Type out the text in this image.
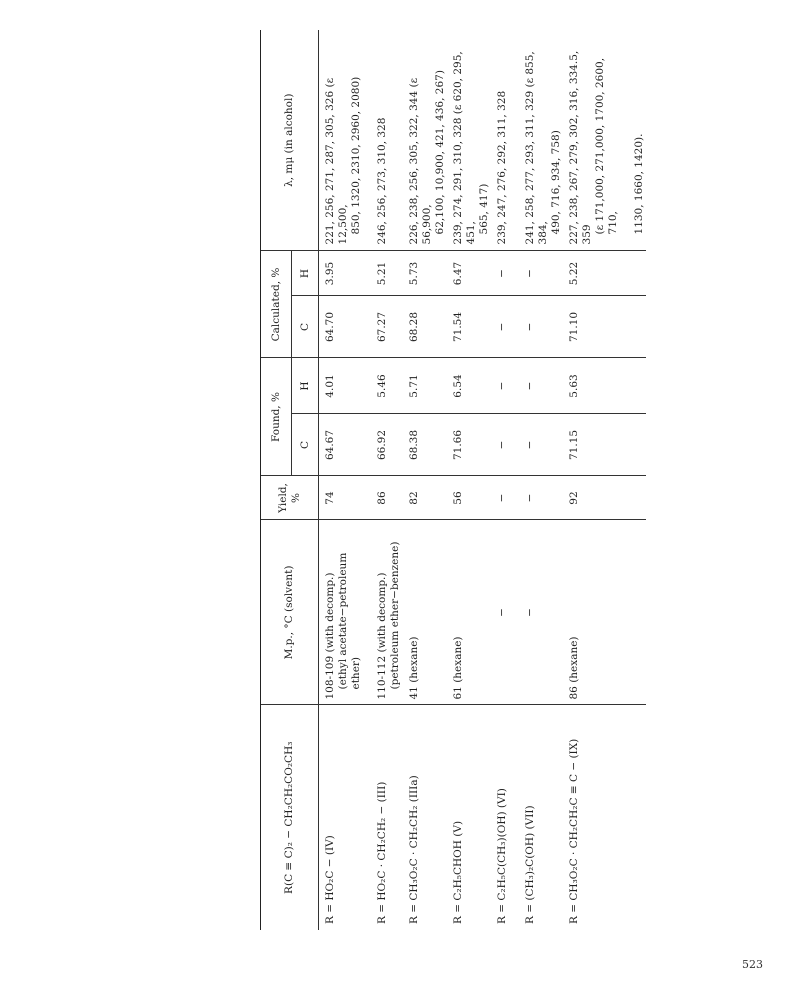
R(C ≡ C)₂ − CH₂CH₂CO₂CH₃	M.p., °C (solvent)	Yield, %	Found, %		Calculated, %		λ, mμ (in alcohol)
			C	H	C	H	
R = HO₂C − (IV)	108-109 (with decomp.) (ethyl acetate−petroleum ether)	74	64.67	4.01	64.70	3.95	221, 256, 271, 287, 305, 326 (ε 12,500, 850, 1320, 2310, 2960, 2080)

R = HO₂C · CH₂CH₂ − (III)	110-112 (with decomp.) (petroleum ether−benzene)	86	66.92	5.46	67.27	5.21	246, 256, 273, 310, 328
R = CH₃O₂C · CH₂CH₂ (IIIa)	41 (hexane)	82	68.38	5.71	68.28	5.73	226, 238, 256, 305, 322, 344 (ε 56,900, 62,100, 10,900, 421, 436, 267)

R = C₂H₅CHOH (V)	61 (hexane)	56	71.66	6.54	71.54	6.47	239, 274, 291, 310, 328 (ε 620, 295, 451, 565, 417)

R = C₂H₅C(CH₃)(OH) (VI)	−	−	−	−	−	−	239, 247, 276, 292, 311, 328
R = (CH₃)₂C(OH) (VII)	−	−	−	−	−	−	241, 258, 277, 293, 311, 329 (ε 855, 384, 490, 716, 934, 758)

R = CH₃O₂C · CH₂CH₂C ≡ C − (IX)	86 (hexane)	92	71.15	5.63	71.10	5.22	227, 238, 267, 279, 302, 316, 334.5, 359 (ε 171,000, 271,000, 1700, 2600, 710, 1130, 1660, 1420).
523
